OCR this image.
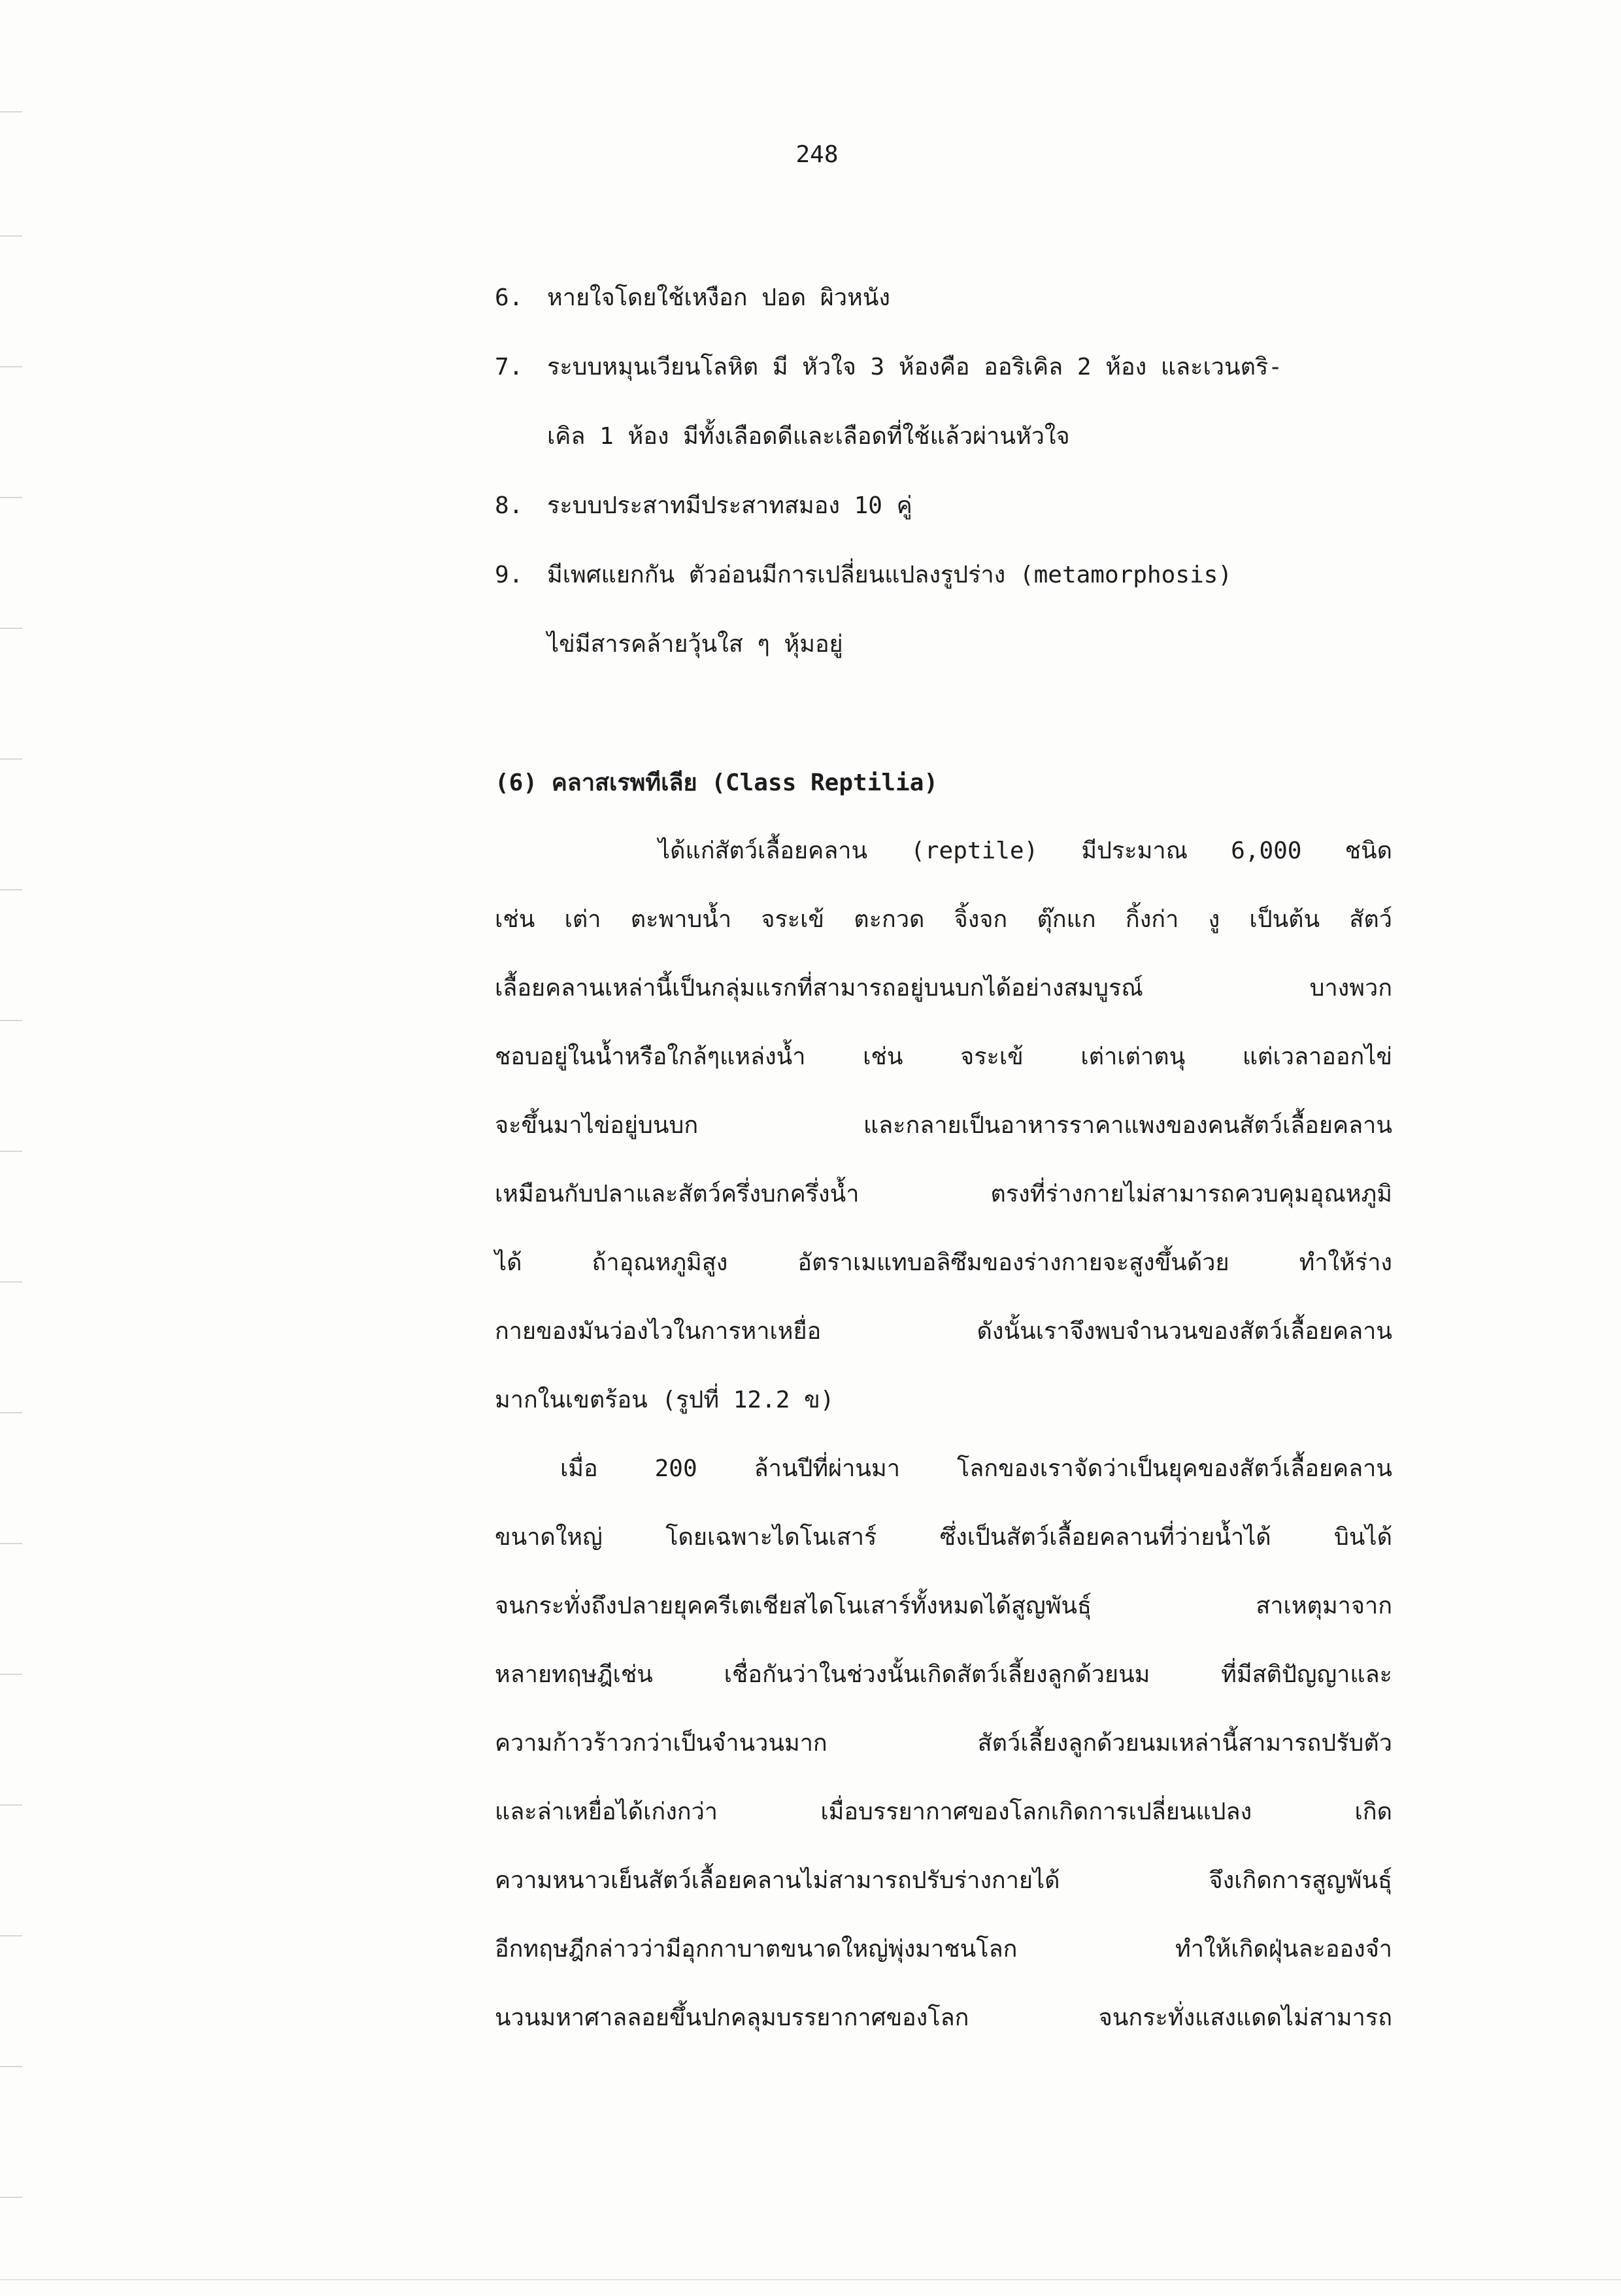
248
6. หายใจโดยใช้เหงือก ปอด ผิวหนัง
7. ระบบหมุนเวียนโลหิต มี หัวใจ 3 ห้องคือ ออริเคิล 2 ห้อง และเวนตริ-
เคิล 1 ห้อง มีทั้งเลือดดีและเลือดที่ใช้แล้วผ่านหัวใจ
8. ระบบประสาทมีประสาทสมอง 10 คู่
9. มีเพศแยกกัน ตัวอ่อนมีการเปลี่ยนแปลงรูปร่าง (metamorphosis)
ไข่มีสารคล้ายวุ้นใส ๆ หุ้มอยู่
(6) คลาสเรพทีเลีย (Class Reptilia)
ได้แก่สัตว์เลื้อยคลาน (reptile) มีประมาณ 6,000 ชนิด
เช่น เต่า ตะพาบน้ำ จระเข้ ตะกวด จิ้งจก ตุ๊กแก กิ้งก่า งู เป็นต้น สัตว์
เลื้อยคลานเหล่านี้เป็นกลุ่มแรกที่สามารถอยู่บนบกได้อย่างสมบูรณ์ บางพวก
ชอบอยู่ในน้ำหรือใกล้ๆแหล่งน้ำ เช่น จระเข้ เต่าเต่าตนุ แต่เวลาออกไข่
จะขึ้นมาไข่อยู่บนบก และกลายเป็นอาหารราคาแพงของคนสัตว์เลื้อยคลาน
เหมือนกับปลาและสัตว์ครึ่งบกครึ่งน้ำ ตรงที่ร่างกายไม่สามารถควบคุมอุณหภูมิ
ได้ ถ้าอุณหภูมิสูง อัตราเมแทบอลิซึมของร่างกายจะสูงขึ้นด้วย ทำให้ร่าง
กายของมันว่องไวในการหาเหยื่อ ดังนั้นเราจึงพบจำนวนของสัตว์เลื้อยคลาน
มากในเขตร้อน (รูปที่ 12.2 ข)
เมื่อ 200 ล้านปีที่ผ่านมา โลกของเราจัดว่าเป็นยุคของสัตว์เลื้อยคลาน
ขนาดใหญ่ โดยเฉพาะไดโนเสาร์ ซึ่งเป็นสัตว์เลื้อยคลานที่ว่ายน้ำได้ บินได้
จนกระทั่งถึงปลายยุคครีเตเชียสไดโนเสาร์ทั้งหมดได้สูญพันธุ์ สาเหตุมาจาก
หลายทฤษฎีเช่น เชื่อกันว่าในช่วงนั้นเกิดสัตว์เลี้ยงลูกด้วยนม ที่มีสติปัญญาและ
ความก้าวร้าวกว่าเป็นจำนวนมาก สัตว์เลี้ยงลูกด้วยนมเหล่านี้สามารถปรับตัว
และล่าเหยื่อได้เก่งกว่า เมื่อบรรยากาศของโลกเกิดการเปลี่ยนแปลง เกิด
ความหนาวเย็นสัตว์เลื้อยคลานไม่สามารถปรับร่างกายได้ จึงเกิดการสูญพันธุ์
อีกทฤษฎีกล่าวว่ามีอุกกาบาตขนาดใหญ่พุ่งมาชนโลก ทำให้เกิดฝุ่นละอองจำ
นวนมหาศาลลอยขึ้นปกคลุมบรรยากาศของโลก จนกระทั่งแสงแดดไม่สามารถ
